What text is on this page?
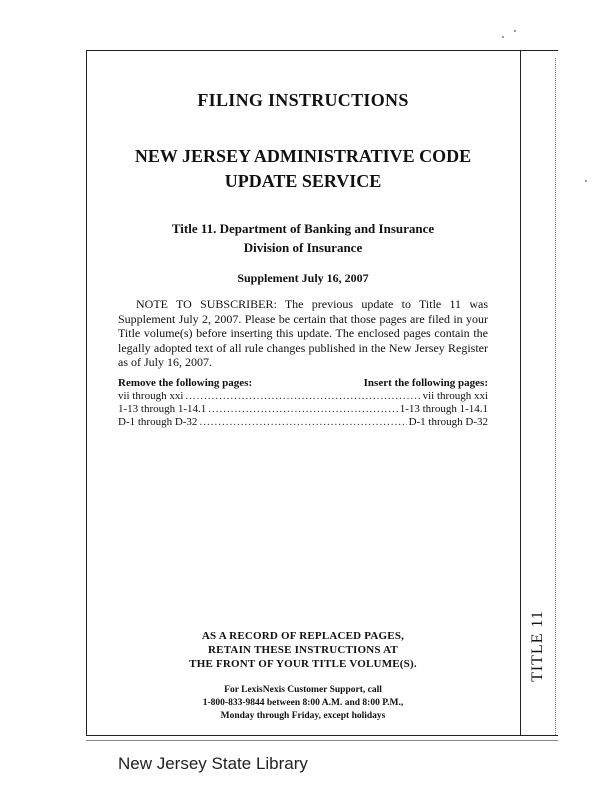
FILING INSTRUCTIONS
NEW JERSEY ADMINISTRATIVE CODE
UPDATE SERVICE
Title 11. Department of Banking and Insurance
Division of Insurance
Supplement July 16, 2007

NOTE TO SUBSCRIBER: The previous update to Title 11 was Supplement July 2, 2007. Please be certain that those pages are filed in your Title volume(s) before inserting this update. The enclosed pages contain the legally adopted text of all rule changes published in the New Jersey Register as of July 16, 2007.

Remove the following pages:	Insert the following pages:
vii through xxi .....	vii through xxi
1-13 through 1-14.1 .....	1-13 through 1-14.1
D-1 through D-32 .....	D-1 through D-32
AS A RECORD OF REPLACED PAGES,
RETAIN THESE INSTRUCTIONS AT
THE FRONT OF YOUR TITLE VOLUME(S).
For LexisNexis Customer Support, call
1-800-833-9844 between 8:00 A.M. and 8:00 P.M.,
Monday through Friday, except holidays
TITLE 11
New Jersey State Library
